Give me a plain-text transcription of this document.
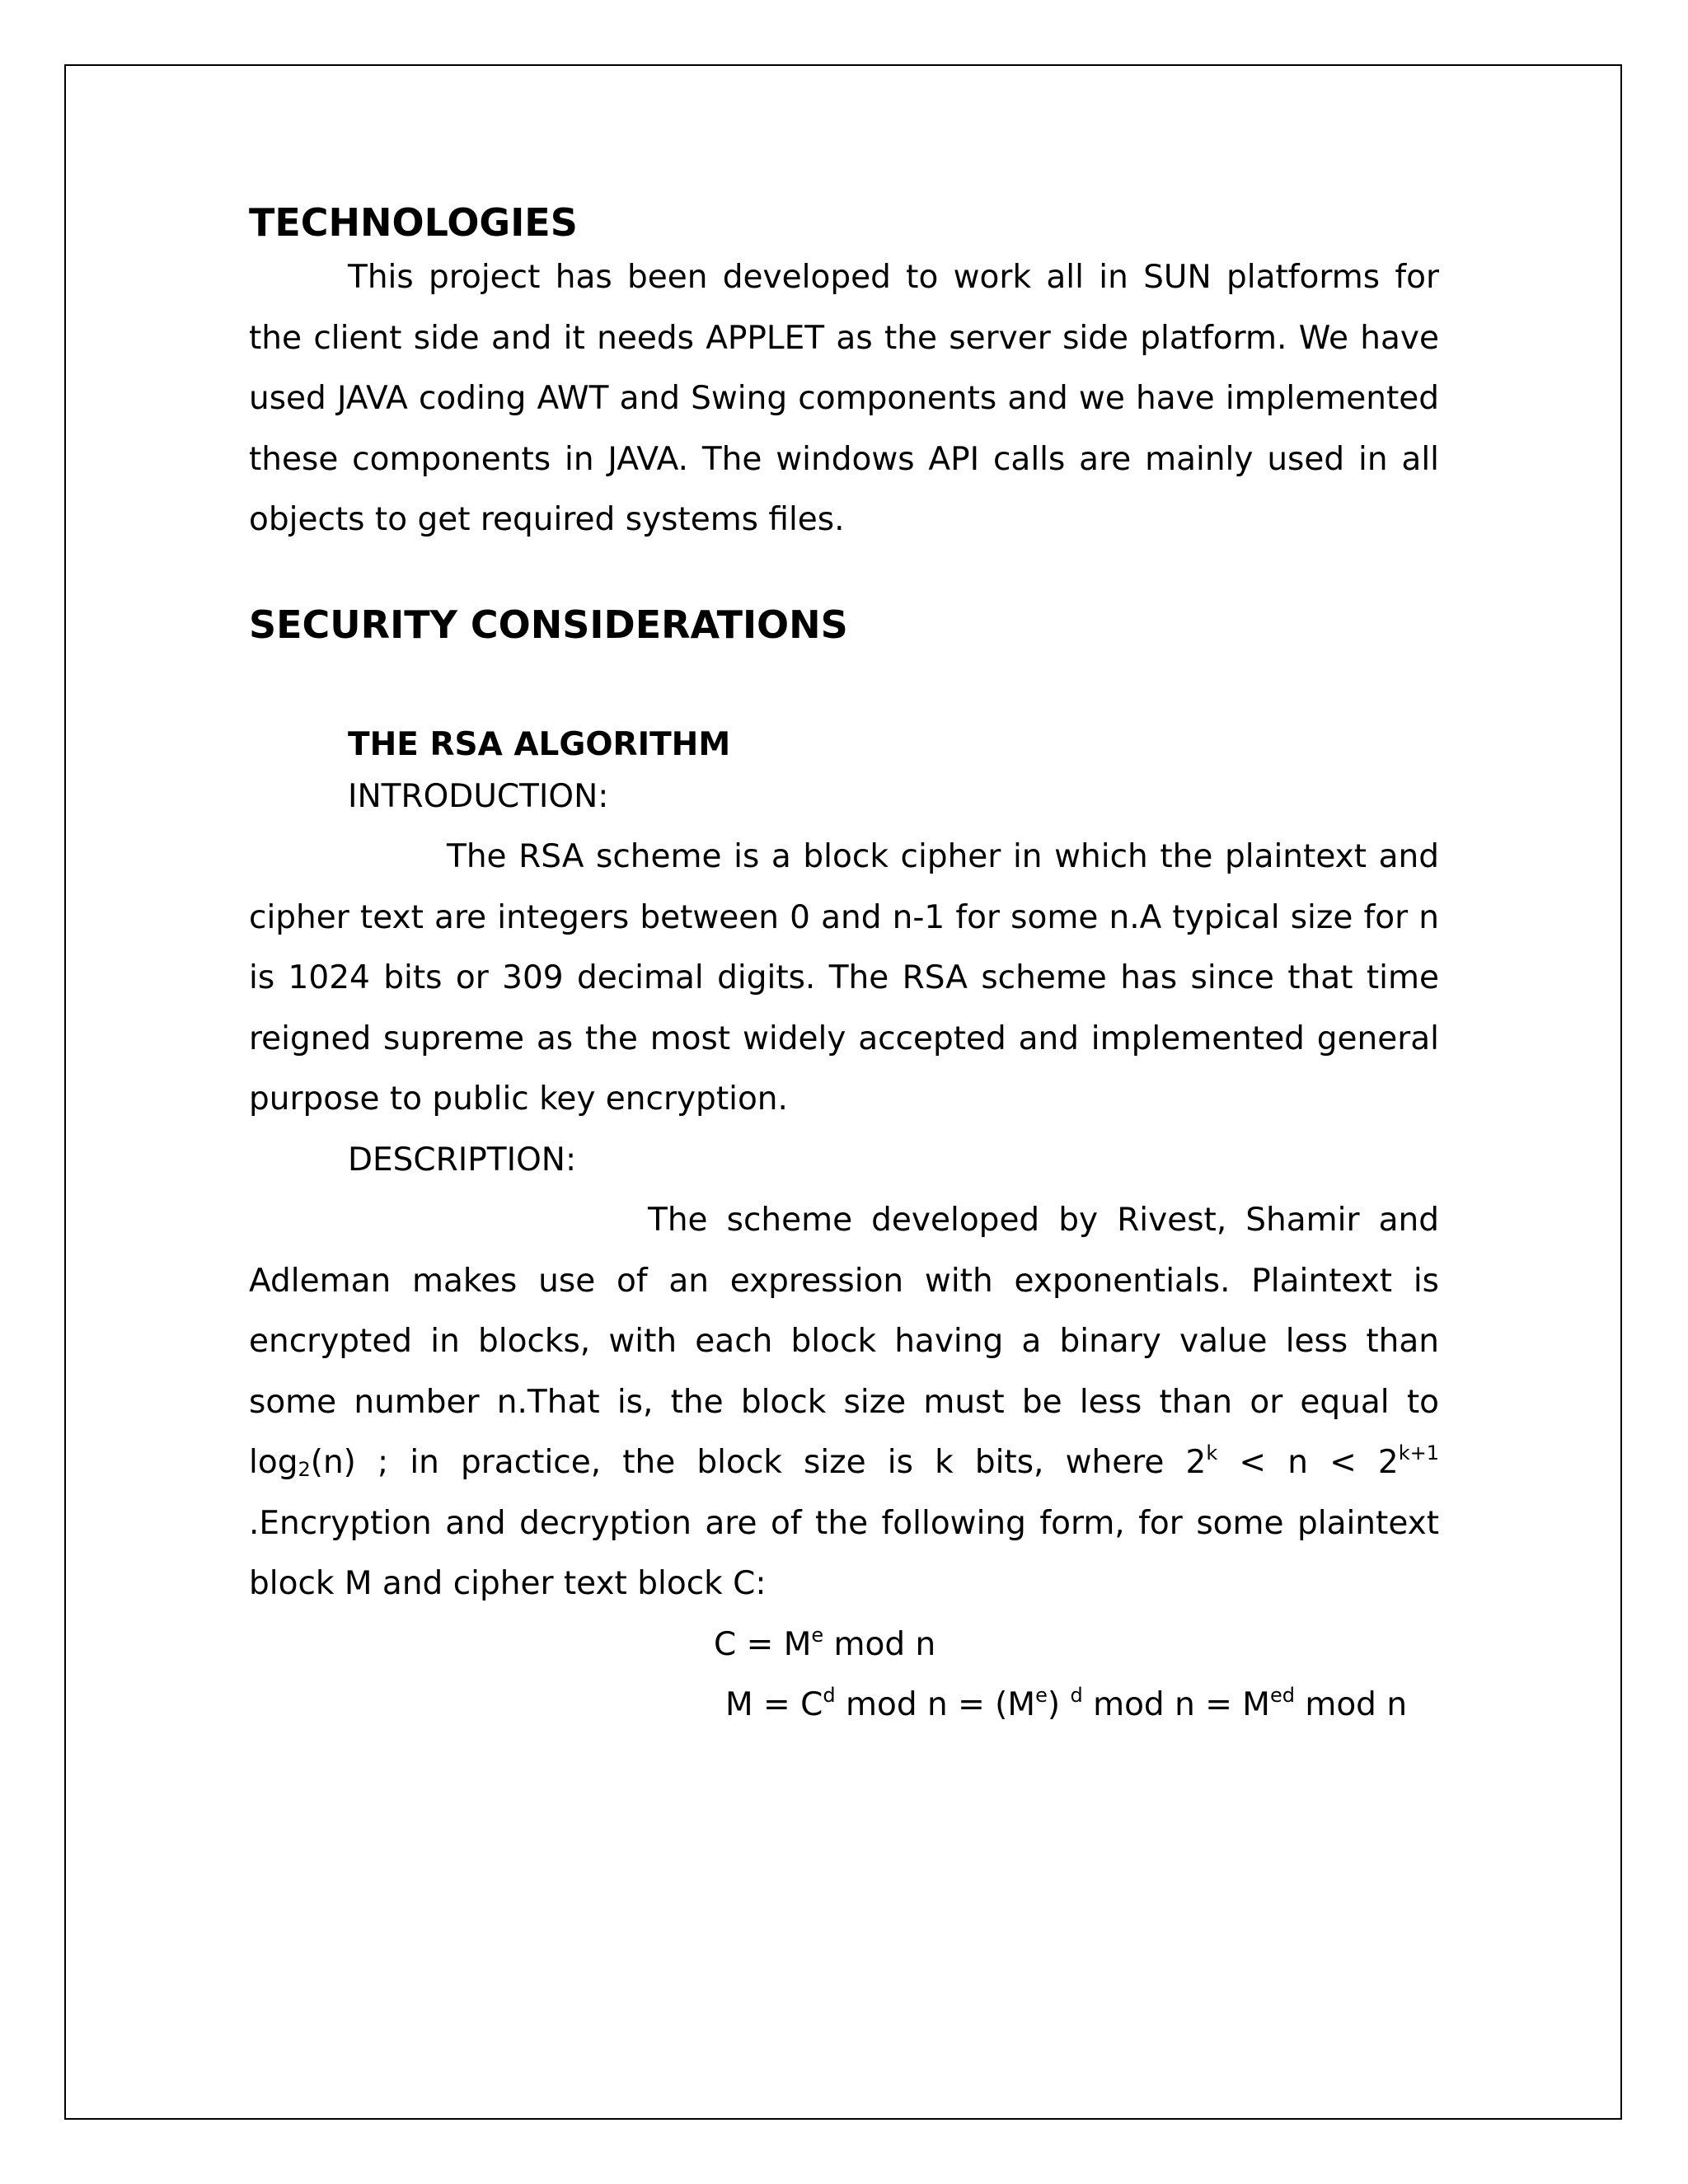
TECHNOLOGIES

This project has been developed to work all in SUN platforms for the client side and it needs APPLET as the server side platform. We have used JAVA coding AWT and Swing components and we have implemented these components in JAVA. The windows API calls are mainly used in all objects to get required systems files.

SECURITY CONSIDERATIONS
THE RSA ALGORITHM

INTRODUCTION:

The RSA scheme is a block cipher in which the plaintext and cipher text are integers between 0 and n-1 for some n.A typical size for n is 1024 bits or 309 decimal digits. The RSA scheme has since that time reigned supreme as the most widely accepted and implemented general purpose to public key encryption.

DESCRIPTION:

The scheme developed by Rivest, Shamir and Adleman makes use of an expression with exponentials. Plaintext is encrypted in blocks, with each block having a binary value less than some number n.That is, the block size must be less than or equal to $\log_2(n)$ ; in practice, the block size is k bits, where $2^k < n < 2^{k+1}$ .Encryption and decryption are of the following form, for some plaintext block M and cipher text block C:

$C = M^e$ mod n

$M = C^d$ mod $n = (M^e)$ $^d$ mod $n = M^{ed}$ mod n
